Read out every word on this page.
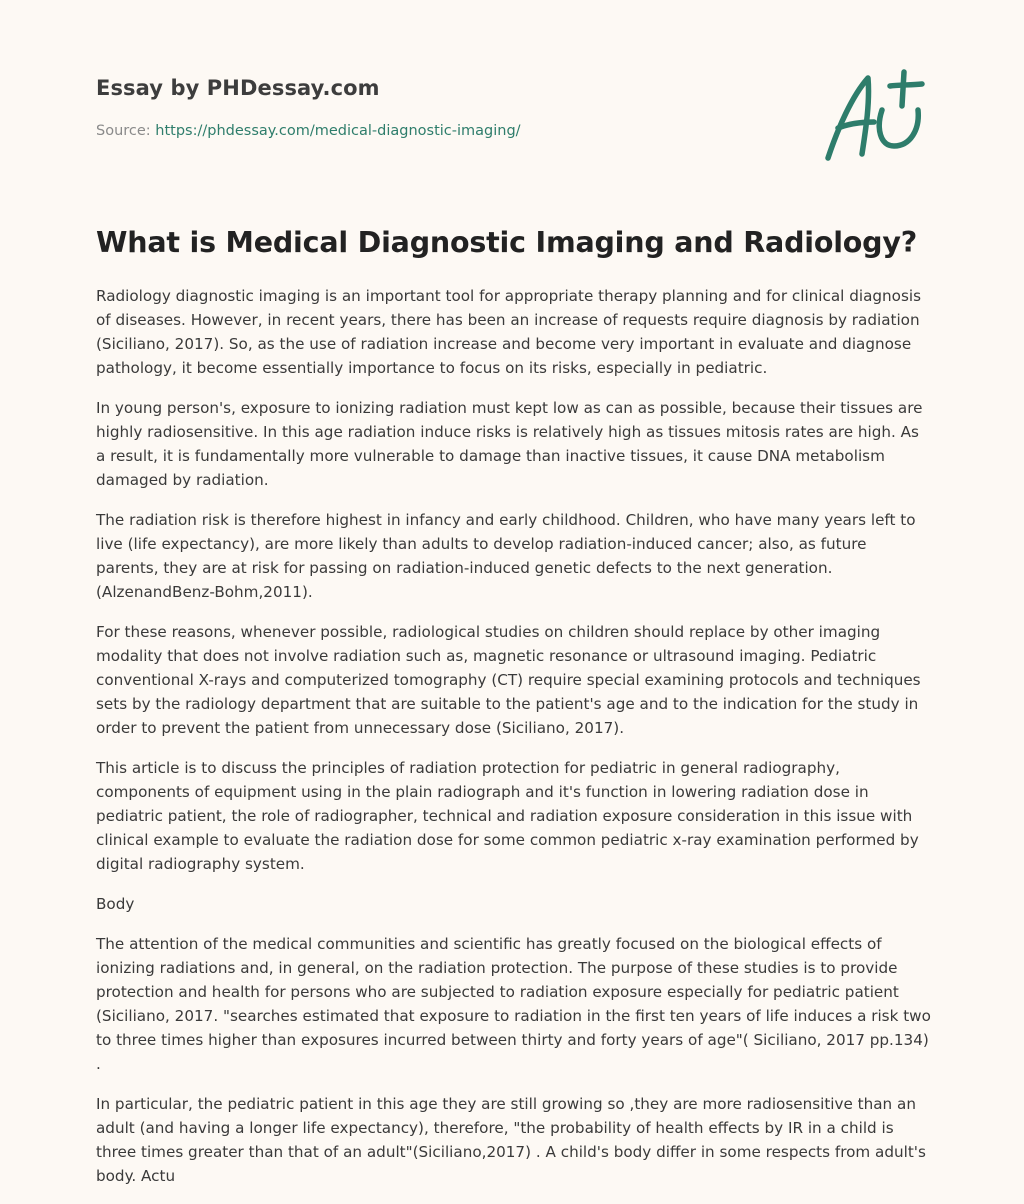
Essay by PHDessay.com
Source: https://phdessay.com/medical-diagnostic-imaging/
What is Medical Diagnostic Imaging and Radiology?

Radiology diagnostic imaging is an important tool for appropriate therapy planning and for clinical diagnosis of diseases. However, in recent years, there has been an increase of requests require diagnosis by radiation (Siciliano, 2017). So, as the use of radiation increase and become very important in evaluate and diagnose pathology, it become essentially importance to focus on its risks, especially in pediatric.

In young person's, exposure to ionizing radiation must kept low as can as possible, because their tissues are highly radiosensitive. In this age radiation induce risks is relatively high as tissues mitosis rates are high. As a result, it is fundamentally more vulnerable to damage than inactive tissues, it cause DNA metabolism damaged by radiation.

The radiation risk is therefore highest in infancy and early childhood. Children, who have many years left to live (life expectancy), are more likely than adults to develop radiation-induced cancer; also, as future parents, they are at risk for passing on radiation-induced genetic defects to the next generation. (AlzenandBenz-Bohm,2011).

For these reasons, whenever possible, radiological studies on children should replace by other imaging modality that does not involve radiation such as, magnetic resonance or ultrasound imaging. Pediatric conventional X-rays and computerized tomography (CT) require special examining protocols and techniques sets by the radiology department that are suitable to the patient's age and to the indication for the study in order to prevent the patient from unnecessary dose (Siciliano, 2017).

This article is to discuss the principles of radiation protection for pediatric in general radiography, components of equipment using in the plain radiograph and it's function in lowering radiation dose in pediatric patient, the role of radiographer, technical and radiation exposure consideration in this issue with clinical example to evaluate the radiation dose for some common pediatric x-ray examination performed by digital radiography system.

Body

The attention of the medical communities and scientific has greatly focused on the biological effects of ionizing radiations and, in general, on the radiation protection. The purpose of these studies is to provide protection and health for persons who are subjected to radiation exposure especially for pediatric patient (Siciliano, 2017. "searches estimated that exposure to radiation in the first ten years of life induces a risk two to three times higher than exposures incurred between thirty and forty years of age"( Siciliano, 2017 pp.134) .

In particular, the pediatric patient in this age they are still growing so ,they are more radiosensitive than an adult (and having a longer life expectancy), therefore, "the probability of health effects by IR in a child is three times greater than that of an adult"(Siciliano,2017) . A child's body differ in some respects from adult's body. Actu
